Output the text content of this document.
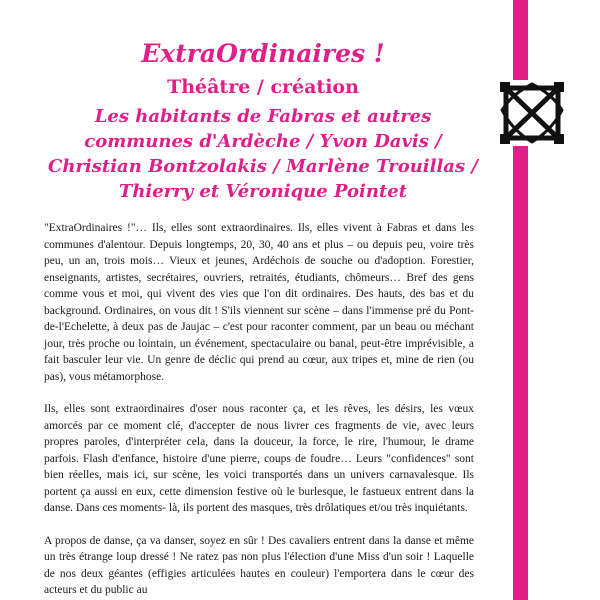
ExtraOrdinaires !
Théâtre / création
Les habitants de Fabras et autres communes d'Ardèche / Yvon Davis / Christian Bontzolakis / Marlène Trouillas / Thierry et Véronique Pointet

"ExtraOrdinaires !"… Ils, elles sont extraordinaires. Ils, elles vivent à Fabras et dans les communes d'alentour. Depuis longtemps, 20, 30, 40 ans et plus – ou depuis peu, voire très peu, un an, trois mois… Vieux et jeunes, Ardéchois de souche ou d'adoption. Forestier, enseignants, artistes, secrétaires, ouvriers, retraités, étudiants, chômeurs… Bref des gens comme vous et moi, qui vivent des vies que l'on dit ordinaires. Des hauts, des bas et du background. Ordinaires, on vous dit ! S'ils viennent sur scène – dans l'immense pré du Pont-de-l'Echelette, à deux pas de Jaujac – c'est pour raconter comment, par un beau ou méchant jour, très proche ou lointain, un événement, spectaculaire ou banal, peut-être imprévisible, a fait basculer leur vie. Un genre de déclic qui prend au cœur, aux tripes et, mine de rien (ou pas), vous métamorphose.

Ils, elles sont extraordinaires d'oser nous raconter ça, et les rêves, les désirs, les vœux amorcés par ce moment clé, d'accepter de nous livrer ces fragments de vie, avec leurs propres paroles, d'interpréter cela, dans la douceur, la force, le rire, l'humour, le drame parfois. Flash d'enfance, histoire d'une pierre, coups de foudre… Leurs "confidences" sont bien réelles, mais ici, sur scène, les voici transportés dans un univers carnavalesque. Ils portent ça aussi en eux, cette dimension festive où le burlesque, le fastueux entrent dans la danse. Dans ces moments- là, ils portent des masques, très drôlatiques et/ou très inquiétants.

A propos de danse, ça va danser, soyez en sûr ! Des cavaliers entrent dans la danse et même un très étrange loup dressé ! Ne ratez pas non plus l'élection d'une Miss d'un soir ! Laquelle de nos deux géantes (effigies articulées hautes en couleur) l'emportera dans le cœur des acteurs et du public au
